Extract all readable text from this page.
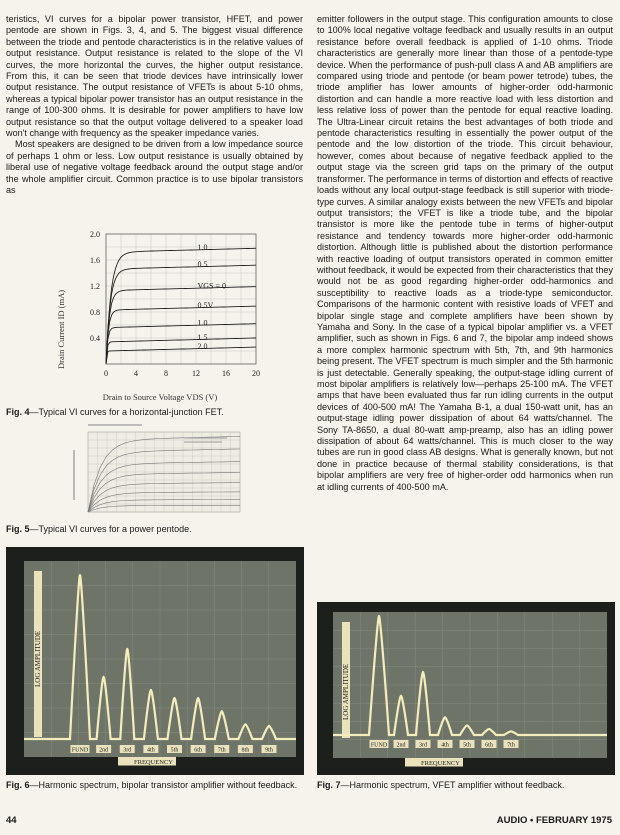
teristics, VI curves for a bipolar power transistor, HFET, and power pentode are shown in Figs. 3, 4, and 5. The biggest visual difference between the triode and pentode characteristics is in the relative values of output resistance. Output resistance is related to the slope of the VI curves, the more horizontal the curves, the higher output resistance. From this, it can be seen that triode devices have intrinsically lower output resistance. The output resistance of VFETs is about 5-10 ohms, whereas a typical bipolar power transistor has an output resistance in the range of 100-300 ohms. It is desirable for power amplifiers to have low output resistance so that the output voltage delivered to a speaker load won't change with frequency as the speaker impedance varies.

Most speakers are designed to be driven from a low impedance source of perhaps 1 ohm or less. Low output resistance is usually obtained by liberal use of negative voltage feedback around the output stage and/or the whole amplifier circuit. Common practice is to use bipolar transistors as

2.0
1.6
1.2
0.8
0.4
0	4	8	12	16	20
1.0
0.5
VGS = 0
0.5V
1.0
1.5
2.0
Drain Current ID (mA)
Drain to Source Voltage VDS (V)
Fig. 4—Typical VI curves for a horizontal-junction FET.
Fig. 5—Typical VI curves for a power pentode.

emitter followers in the output stage. This configuration amounts to close to 100% local negative voltage feedback and usually results in an output resistance before overall feedback is applied of 1-10 ohms. Triode characteristics are generally more linear than those of a pentode-type device. When the performance of push-pull class A and AB amplifiers are compared using triode and pentode (or beam power tetrode) tubes, the triode amplifier has lower amounts of higher-order odd-harmonic distortion and can handle a more reactive load with less distortion and less relative loss of power than the pentode for equal reactive loading. The Ultra-Linear circuit retains the best advantages of both triode and pentode characteristics resulting in essentially the power output of the pentode and the low distortion of the triode. This circuit behaviour, however, comes about because of negative feedback applied to the output stage via the screen grid taps on the primary of the output transformer. The performance in terms of distortion and effects of reactive loads without any local output-stage feedback is still superior with triode-type curves. A similar analogy exists between the new VFETs and bipolar output transistors; the VFET is like a triode tube, and the bipolar transistor is more like the pentode tube in terms of higher-output resistance and tendency towards more higher-order odd-harmonic distortion. Although little is published about the distortion performance with reactive loading of output transistors operated in common emitter without feedback, it would be expected from their characteristics that they would not be as good regarding higher-order odd-harmonics and susceptibility to reactive loads as a triode-type semiconductor. Comparisons of the harmonic content with resistive loads of VFET and bipolar single stage and complete amplifiers have been shown by Yamaha and Sony. In the case of a typical bipolar amplifier vs. a VFET amplifier, such as shown in Figs. 6 and 7, the bipolar amp indeed shows a more complex harmonic spectrum with 5th, 7th, and 9th harmonics being present. The VFET spectrum is much simpler and the 5th harmonic is just detectable. Generally speaking, the output-stage idling current of most bipolar amplifiers is relatively low—perhaps 25-100 mA. The VFET amps that have been evaluated thus far run idling currents in the output devices of 400-500 mA! The Yamaha B-1, a dual 150-watt unit, has an output-stage idling power dissipation of about 64 watts/channel. The Sony TA-8650, a dual 80-watt amp-preamp, also has an idling power dissipation of about 64 watts/channel. This is much closer to the way tubes are run in good class AB designs. What is generally known, but not done in practice because of thermal stability considerations, is that bipolar amplifiers are very free of higher-order odd harmonics when run at idling currents of 400-500 mA.

FUND 2nd	3rd	4th	5th	6th	7th	8th	9th
LOG AMPLITUDE
FREQUENCY
Fig. 6—Harmonic spectrum, bipolar transistor amplifier without feedback.
FUND 2nd 3rd 4th 5th 6th 7th
LOG AMPLITUDE
FREQUENCY
Fig. 7—Harmonic spectrum, VFET amplifier without feedback.
44	AUDIO • FEBRUARY 1975
